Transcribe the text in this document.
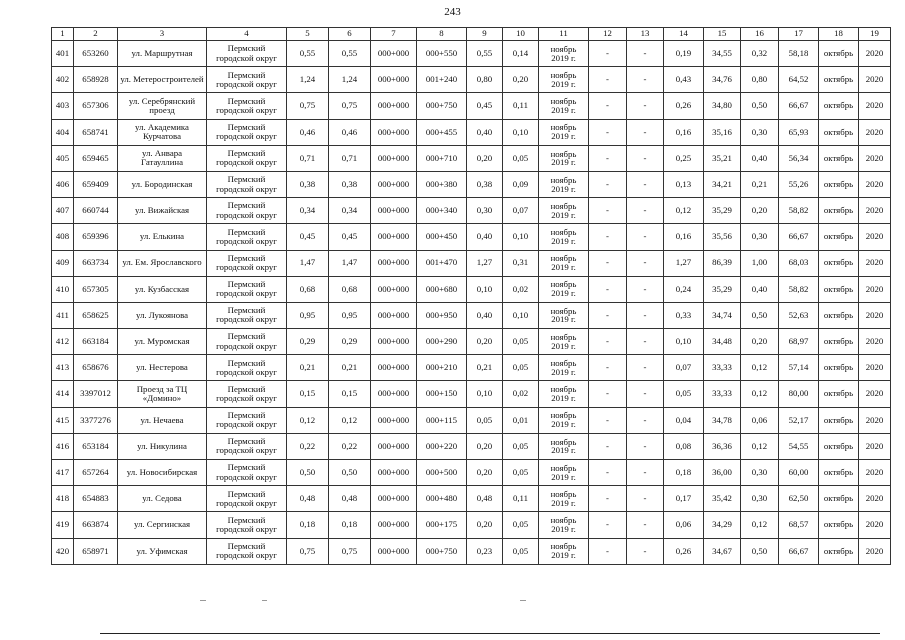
243
1	2	3	4	5	6	7	8	9	10	11	12	13	14	15	16	17	18	19
401	653260	ул. Маршрутная	Пермский городской округ	0,55	0,55	000+000	000+550	0,55	0,14	ноябрь 2019 г.	-	-	0,19	34,55	0,32	58,18	октябрь	2020
402	658928	ул. Метеростроителей	Пермский городской округ	1,24	1,24	000+000	001+240	0,80	0,20	ноябрь 2019 г.	-	-	0,43	34,76	0,80	64,52	октябрь	2020
403	657306	ул. Серебрянский проезд	Пермский городской округ	0,75	0,75	000+000	000+750	0,45	0,11	ноябрь 2019 г.	-	-	0,26	34,80	0,50	66,67	октябрь	2020
404	658741	ул. Академика Курчатова	Пермский городской округ	0,46	0,46	000+000	000+455	0,40	0,10	ноябрь 2019 г.	-	-	0,16	35,16	0,30	65,93	октябрь	2020
405	659465	ул. Анвара Гатауллина	Пермский городской округ	0,71	0,71	000+000	000+710	0,20	0,05	ноябрь 2019 г.	-	-	0,25	35,21	0,40	56,34	октябрь	2020
406	659409	ул. Бородинская	Пермский городской округ	0,38	0,38	000+000	000+380	0,38	0,09	ноябрь 2019 г.	-	-	0,13	34,21	0,21	55,26	октябрь	2020
407	660744	ул. Вижайская	Пермский городской округ	0,34	0,34	000+000	000+340	0,30	0,07	ноябрь 2019 г.	-	-	0,12	35,29	0,20	58,82	октябрь	2020
408	659396	ул. Елькина	Пермский городской округ	0,45	0,45	000+000	000+450	0,40	0,10	ноябрь 2019 г.	-	-	0,16	35,56	0,30	66,67	октябрь	2020
409	663734	ул. Ем. Ярославского	Пермский городской округ	1,47	1,47	000+000	001+470	1,27	0,31	ноябрь 2019 г.	-	-	1,27	86,39	1,00	68,03	октябрь	2020
410	657305	ул. Кузбасская	Пермский городской округ	0,68	0,68	000+000	000+680	0,10	0,02	ноябрь 2019 г.	-	-	0,24	35,29	0,40	58,82	октябрь	2020
411	658625	ул. Лукоянова	Пермский городской округ	0,95	0,95	000+000	000+950	0,40	0,10	ноябрь 2019 г.	-	-	0,33	34,74	0,50	52,63	октябрь	2020
412	663184	ул. Муромская	Пермский городской округ	0,29	0,29	000+000	000+290	0,20	0,05	ноябрь 2019 г.	-	-	0,10	34,48	0,20	68,97	октябрь	2020
413	658676	ул. Нестерова	Пермский городской округ	0,21	0,21	000+000	000+210	0,21	0,05	ноябрь 2019 г.	-	-	0,07	33,33	0,12	57,14	октябрь	2020
414	3397012	Проезд за ТЦ «Домино»	Пермский городской округ	0,15	0,15	000+000	000+150	0,10	0,02	ноябрь 2019 г.	-	-	0,05	33,33	0,12	80,00	октябрь	2020
415	3377276	ул. Нечаева	Пермский городской округ	0,12	0,12	000+000	000+115	0,05	0,01	ноябрь 2019 г.	-	-	0,04	34,78	0,06	52,17	октябрь	2020
416	653184	ул. Никулина	Пермский городской округ	0,22	0,22	000+000	000+220	0,20	0,05	ноябрь 2019 г.	-	-	0,08	36,36	0,12	54,55	октябрь	2020
417	657264	ул. Новосибирская	Пермский городской округ	0,50	0,50	000+000	000+500	0,20	0,05	ноябрь 2019 г.	-	-	0,18	36,00	0,30	60,00	октябрь	2020
418	654883	ул. Седова	Пермский городской округ	0,48	0,48	000+000	000+480	0,48	0,11	ноябрь 2019 г.	-	-	0,17	35,42	0,30	62,50	октябрь	2020
419	663874	ул. Сергинская	Пермский городской округ	0,18	0,18	000+000	000+175	0,20	0,05	ноябрь 2019 г.	-	-	0,06	34,29	0,12	68,57	октябрь	2020
420	658971	ул. Уфимская	Пермский городской округ	0,75	0,75	000+000	000+750	0,23	0,05	ноябрь 2019 г.	-	-	0,26	34,67	0,50	66,67	октябрь	2020
